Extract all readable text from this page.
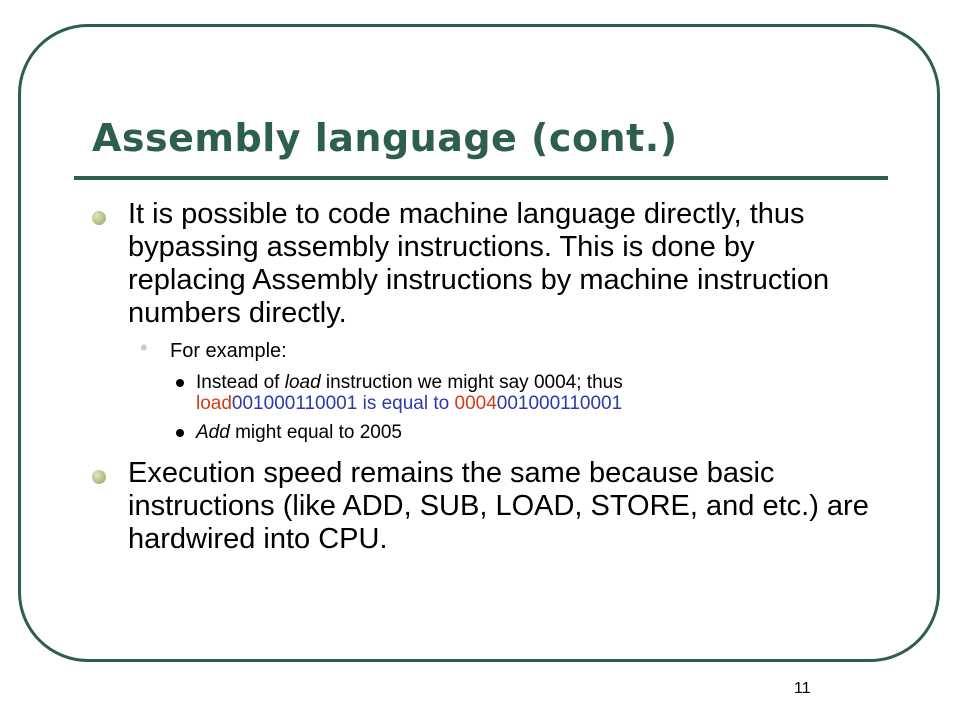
Assembly language (cont.)
It is possible to code machine language directly, thus bypassing assembly instructions. This is done by replacing Assembly instructions by machine instruction numbers directly.
• For example:
Instead of load instruction we might say 0004; thus
load001000110001 is equal to 0004001000110001
Add might equal to 2005
Execution speed remains the same because basic instructions (like ADD, SUB, LOAD, STORE, and etc.) are hardwired into CPU.
11
